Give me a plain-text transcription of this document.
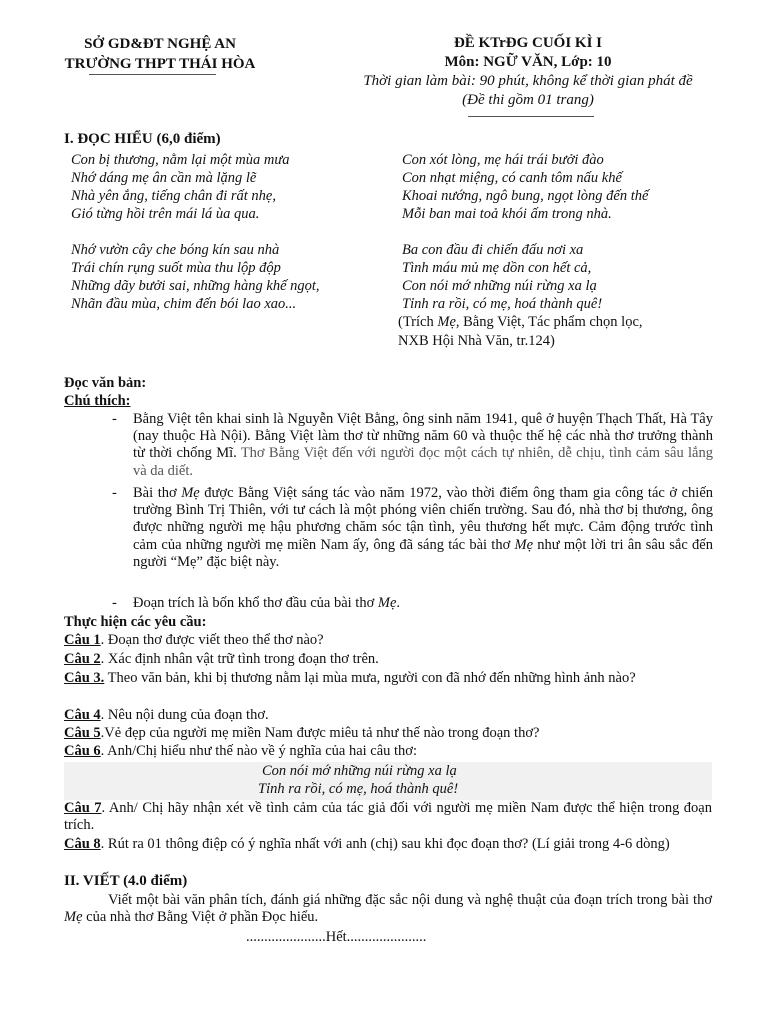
SỞ GD&ĐT NGHỆ AN
TRƯỜNG THPT THÁI HÒA
ĐỀ KTrĐG CUỐI KÌ I
Môn: NGỮ VĂN, Lớp: 10
Thời gian làm bài: 90 phút, không kể thời gian phát đề
(Đề thi gồm 01 trang)
I. ĐỌC HIỂU (6,0 điểm)
Con bị thương, nằm lại một mùa mưa
Nhớ dáng mẹ ân cần mà lặng lẽ
Nhà yên ắng, tiếng chân đi rất nhẹ,
Gió từng hồi trên mái lá ùa qua.
Nhớ vườn cây che bóng kín sau nhà
Trái chín rụng suốt mùa thu lộp độp
Những dãy bưởi sai, những hàng khế ngọt,
Nhãn đầu mùa, chim đến bói lao xao...
Con xót lòng, mẹ hái trái bưởi đào
Con nhạt miệng, có canh tôm nấu khế
Khoai nướng, ngô bung, ngọt lòng đến thế
Mỗi ban mai toả khói ấm trong nhà.
Ba con đầu đi chiến đấu nơi xa
Tình máu mủ mẹ dồn con hết cả,
Con nói mớ những núi rừng xa lạ
Tỉnh ra rồi, có mẹ, hoá thành quê!
(Trích Mẹ, Bằng Việt, Tác phẩm chọn lọc,
NXB Hội Nhà Văn, tr.124)
Đọc văn bản:
Chú thích:
- Bằng Việt tên khai sinh là Nguyễn Việt Bằng, ông sinh năm 1941, quê ở huyện Thạch Thất, Hà Tây (nay thuộc Hà Nội). Bằng Việt làm thơ từ những năm 60 và thuộc thế hệ các nhà thơ trưởng thành từ thời chống Mĩ. Thơ Bằng Việt đến với người đọc một cách tự nhiên, dễ chịu, tình cảm sâu lắng và da diết.
- Bài thơ Mẹ được Bằng Việt sáng tác vào năm 1972, vào thời điểm ông tham gia công tác ở chiến trường Bình Trị Thiên, với tư cách là một phóng viên chiến trường. Sau đó, nhà thơ bị thương, ông được những người mẹ hậu phương chăm sóc tận tình, yêu thương hết mực. Cảm động trước tình cảm của những người mẹ miền Nam ấy, ông đã sáng tác bài thơ Mẹ như một lời tri ân sâu sắc đến người “Mẹ” đặc biệt này.
- Đoạn trích là bốn khổ thơ đầu của bài thơ Mẹ.
Thực hiện các yêu cầu:
Câu 1. Đoạn thơ được viết theo thể thơ nào?
Câu 2. Xác định nhân vật trữ tình trong đoạn thơ trên.
Câu 3. Theo văn bản, khi bị thương nằm lại mùa mưa, người con đã nhớ đến những hình ảnh nào?
Câu 4. Nêu nội dung của đoạn thơ.
Câu 5.Vẻ đẹp của người mẹ miền Nam được miêu tả như thế nào trong đoạn thơ?
Câu 6. Anh/Chị hiểu như thế nào về ý nghĩa của hai câu thơ:
Con nói mớ những núi rừng xa lạ
Tỉnh ra rồi, có mẹ, hoá thành quê!
Câu 7. Anh/ Chị hãy nhận xét về tình cảm của tác giả đối với người mẹ miền Nam được thể hiện trong đoạn trích.
Câu 8. Rút ra 01 thông điệp có ý nghĩa nhất với anh (chị) sau khi đọc đoạn thơ? (Lí giải trong 4-6 dòng)
II. VIẾT (4.0 điểm)
Viết một bài văn phân tích, đánh giá những đặc sắc nội dung và nghệ thuật của đoạn trích trong bài thơ Mẹ của nhà thơ Bằng Việt ở phần Đọc hiểu.
......................Hết......................
